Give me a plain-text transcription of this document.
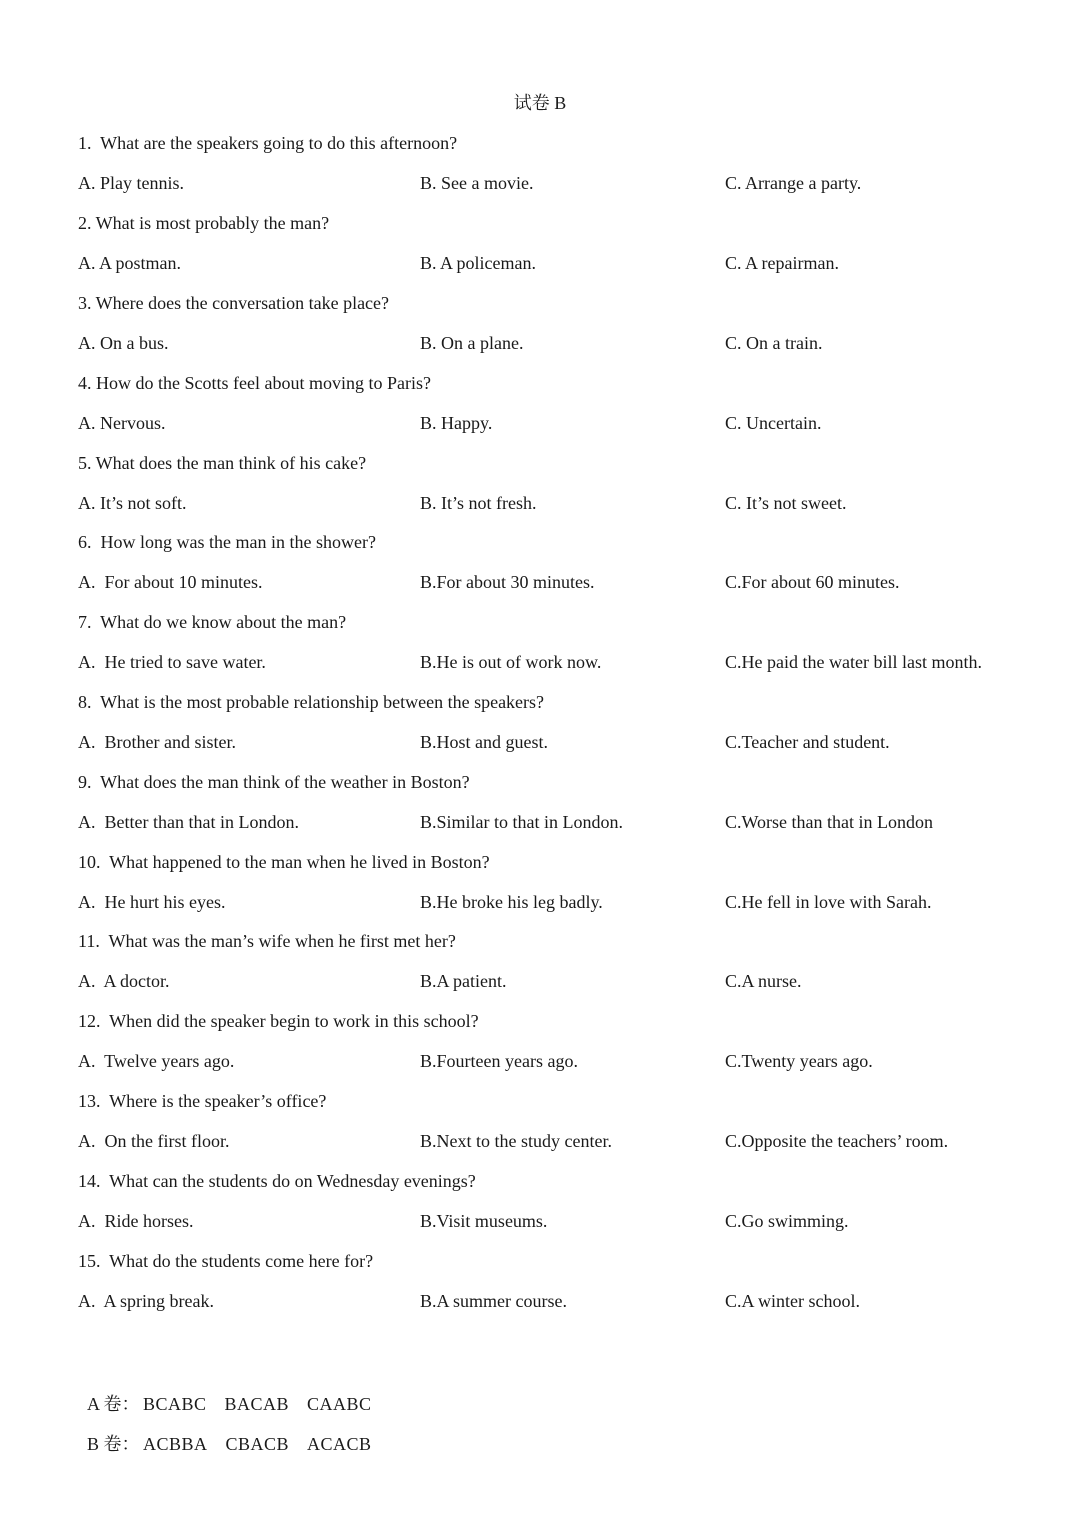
试卷 B
1.  What are the speakers going to do this afternoon?
A. Play tennis.	B. See a movie.	C. Arrange a party.
2. What is most probably the man?
A. A postman.	B. A policeman.	C. A repairman.
3. Where does the conversation take place?
A. On a bus.	B. On a plane.	C. On a train.
4. How do the Scotts feel about moving to Paris?
A. Nervous.	B. Happy.	C. Uncertain.
5. What does the man think of his cake?
A. It’s not soft.	B. It’s not fresh.	C. It’s not sweet.
6.  How long was the man in the shower?
A.  For about 10 minutes.	B.For about 30 minutes.	C.For about 60 minutes.
7.  What do we know about the man?
A.  He tried to save water.	B.He is out of work now.	C.He paid the water bill last month.
8.  What is the most probable relationship between the speakers?
A.  Brother and sister.	B.Host and guest.	C.Teacher and student.
9.  What does the man think of the weather in Boston?
A.  Better than that in London.	B.Similar to that in London.	C.Worse than that in London
10.  What happened to the man when he lived in Boston?
A.  He hurt his eyes.	B.He broke his leg badly.	C.He fell in love with Sarah.
11.  What was the man’s wife when he first met her?
A.  A doctor.	B.A patient.	C.A nurse.
12.  When did the speaker begin to work in this school?
A.  Twelve years ago.	B.Fourteen years ago.	C.Twenty years ago.
13.  Where is the speaker’s office?
A.  On the first floor.	B.Next to the study center.	C.Opposite the teachers’ room.
14.  What can the students do on Wednesday evenings?
A.  Ride horses.	B.Visit museums.	C.Go swimming.
15.  What do the students come here for?
A.  A spring break.	B.A summer course.	C.A winter school.

A 卷： BCABC BACAB CAABC

B 卷： ACBBA CBACB ACACB
